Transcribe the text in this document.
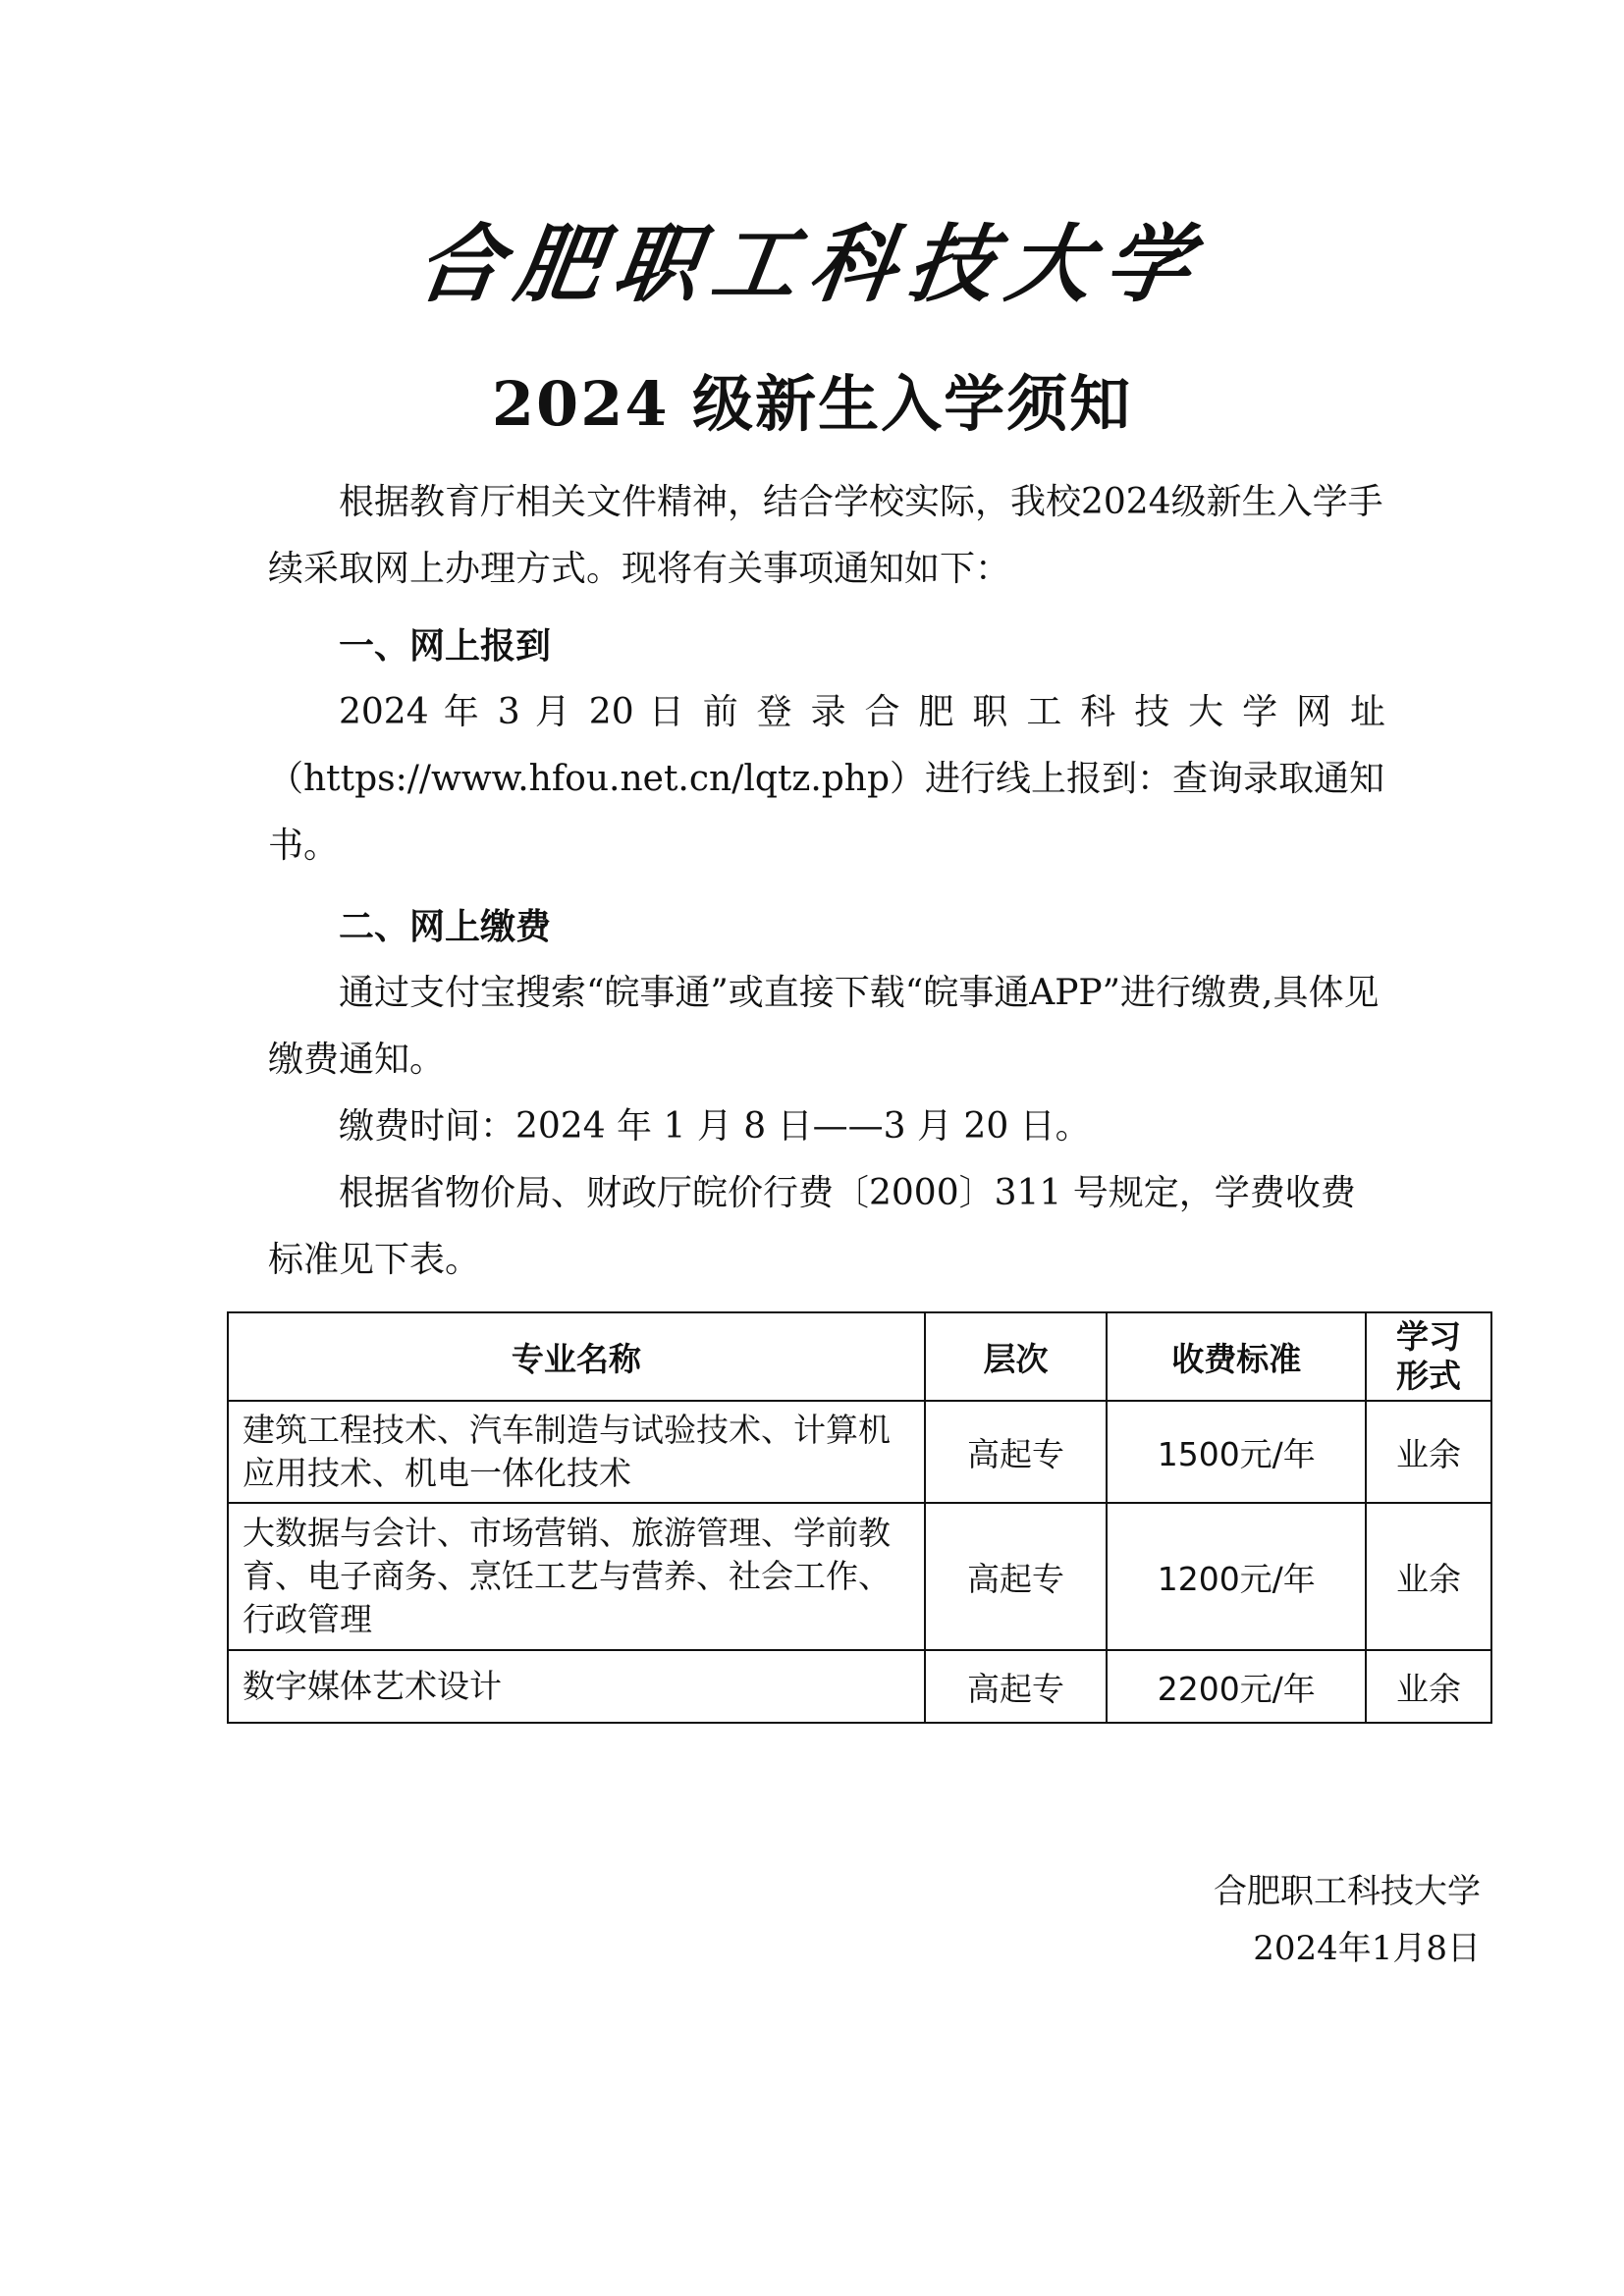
合肥职工科技大学
2024 级新生入学须知

根据教育厅相关文件精神，结合学校实际，我校2024级新生入学手续采取网上办理方式。现将有关事项通知如下：

一、网上报到

2024 年 3 月 20 日 前 登 录 合 肥 职 工 科 技 大 学 网 址

（https://www.hfou.net.cn/lqtz.php）进行线上报到：查询录取通知书。

二、网上缴费

通过支付宝搜索“皖事通”或直接下载“皖事通APP”进行缴费,具体见缴费通知。

缴费时间：2024 年 1 月 8 日——3 月 20 日。

根据省物价局、财政厅皖价行费〔2000〕311 号规定，学费收费标准见下表。

专业名称	层次	收费标准	学习形式
建筑工程技术、汽车制造与试验技术、计算机应用技术、机电一体化技术	高起专	1500元/年	业余
大数据与会计、市场营销、旅游管理、学前教育、电子商务、烹饪工艺与营养、社会工作、行政管理	高起专	1200元/年	业余
数字媒体艺术设计	高起专	2200元/年	业余
合肥职工科技大学
2024年1月8日
